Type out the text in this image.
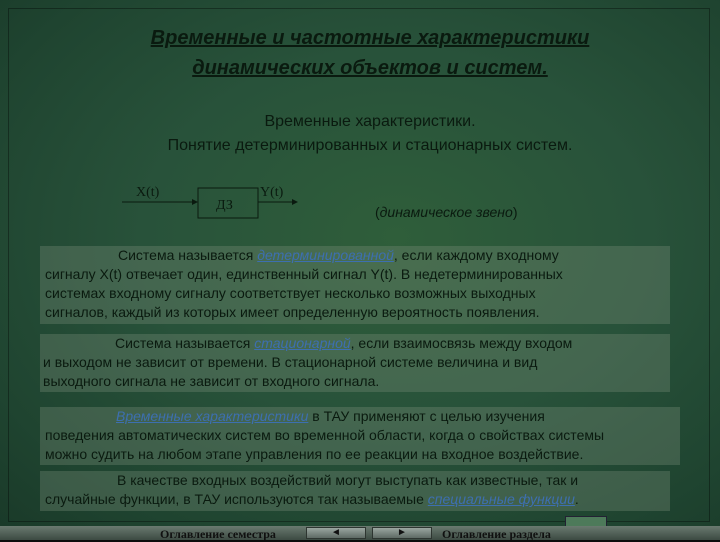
Временные и частотные характеристики
динамических объектов и систем.
Временные характеристики.
Понятие детерминированных и стационарных систем.
X(t)
ДЗ
Y(t)
(динамическое звено)
Система называется детерминированной, если каждому входному
сигналу X(t) отвечает один, единственный сигнал Y(t). В недетерминированных
системах входному сигналу соответствует несколько возможных выходных
сигналов, каждый из которых имеет определенную вероятность появления.
Система называется стационарной, если взаимосвязь между входом
и выходом не зависит от времени. В стационарной системе величина и вид
выходного сигнала не зависит от входного сигнала.
Временные характеристики в ТАУ применяют с целью изучения
поведения автоматических систем во временной области, когда о свойствах системы
можно судить на любом этапе управления по ее реакции на входное воздействие.
В качестве входных воздействий могут выступать как известные, так и
случайные функции, в ТАУ используются так называемые специальные функции.
Оглавление семестра	◄	►	Оглавление раздела
